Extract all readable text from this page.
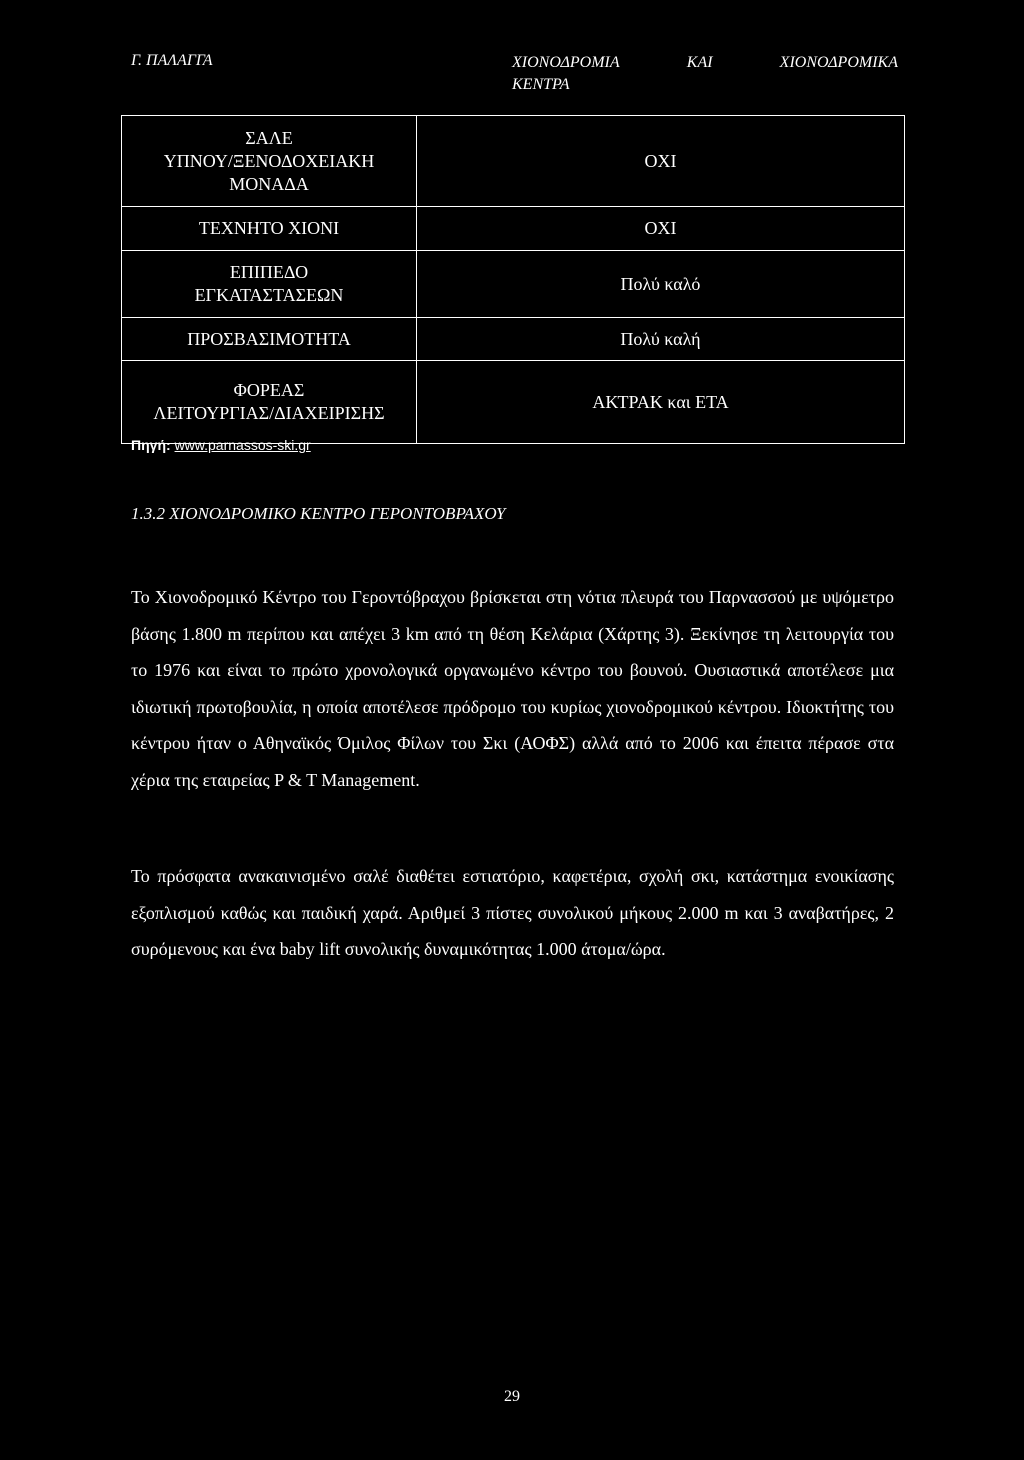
Γ. ΠΑΛΑΓΓΑ	ΧΙΟΝΟΔΡΟΜΙΑ	ΚΑΙ	ΧΙΟΝΟΔΡΟΜΙΚΑ
ΚΕΝΤΡΑ
ΣΑΛΕ
ΥΠΝΟΥ/ΞΕΝΟΔΟΧΕΙΑΚΗ
ΜΟΝΑΔΑ	ΟΧΙ

ΤΕΧΝΗΤΟ ΧΙΟΝΙ	ΟΧΙ

ΕΠΙΠΕΔΟ
ΕΓΚΑΤΑΣΤΑΣΕΩΝ	Πολύ καλό

ΠΡΟΣΒΑΣΙΜΟΤΗΤΑ	Πολύ καλή

ΦΟΡΕΑΣ
ΛΕΙΤΟΥΡΓΙΑΣ/ΔΙΑΧΕΙΡΙΣΗΣ	ΑΚΤΡΑΚ και ΕΤΑ
Πηγή: www.parnassos-ski.gr
1.3.2 ΧΙΟΝΟΔΡΟΜΙΚΟ ΚΕΝΤΡΟ ΓΕΡΟΝΤΟΒΡΑΧΟΥ

Το Χιονοδρομικό Κέντρο του Γεροντόβραχου βρίσκεται στη νότια πλευρά του Παρνασσού με υψόμετρο βάσης 1.800 m περίπου και απέχει 3 km από τη θέση Κελάρια (Χάρτης 3). Ξεκίνησε τη λειτουργία του το 1976 και είναι το πρώτο χρονολογικά οργανωμένο κέντρο του βουνού. Ουσιαστικά αποτέλεσε μια ιδιωτική πρωτοβουλία, η οποία αποτέλεσε πρόδρομο του κυρίως χιονοδρομικού κέντρου. Ιδιοκτήτης του κέντρου ήταν ο Αθηναϊκός Όμιλος Φίλων του Σκι (ΑΟΦΣ) αλλά από το 2006 και έπειτα πέρασε στα χέρια της εταιρείας P & T Management.

Το πρόσφατα ανακαινισμένο σαλέ διαθέτει εστιατόριο, καφετέρια, σχολή σκι, κατάστημα ενοικίασης εξοπλισμού καθώς και παιδική χαρά. Αριθμεί 3 πίστες συνολικού μήκους 2.000 m και 3 αναβατήρες, 2 συρόμενους και ένα baby lift συνολικής δυναμικότητας 1.000 άτομα/ώρα.

29
